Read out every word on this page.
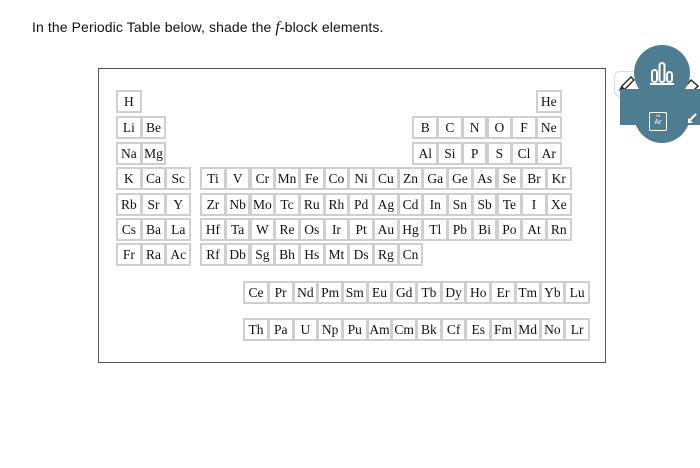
In the Periodic Table below, shade the f-block elements.
H	He
Li Be	B	C	N	O	F Ne
Na Mg	Al Si	P	S	Cl Ar
K Ca Sc	Ti	V Cr Mn Fe Co Ni Cu Zn Ga Ge As Se Br Kr
Rb Sr	Y	Zr Nb Mo Tc Ru Rh Pd Ag Cd In Sn Sb Te	I	Xe
Cs Ba La	Hf Ta W Re Os Ir	Pt Au Hg Tl Pb Bi Po At Rn
Fr Ra Ac	Rf Db Sg Bh Hs Mt Ds Rg Cn
Ce Pr Nd Pm Sm Eu Gd Tb Dy Ho Er Tm Yb Lu
Th Pa U Np Pu Am Cm Bk Cf Es Fm Md No Lr
18
Ar
